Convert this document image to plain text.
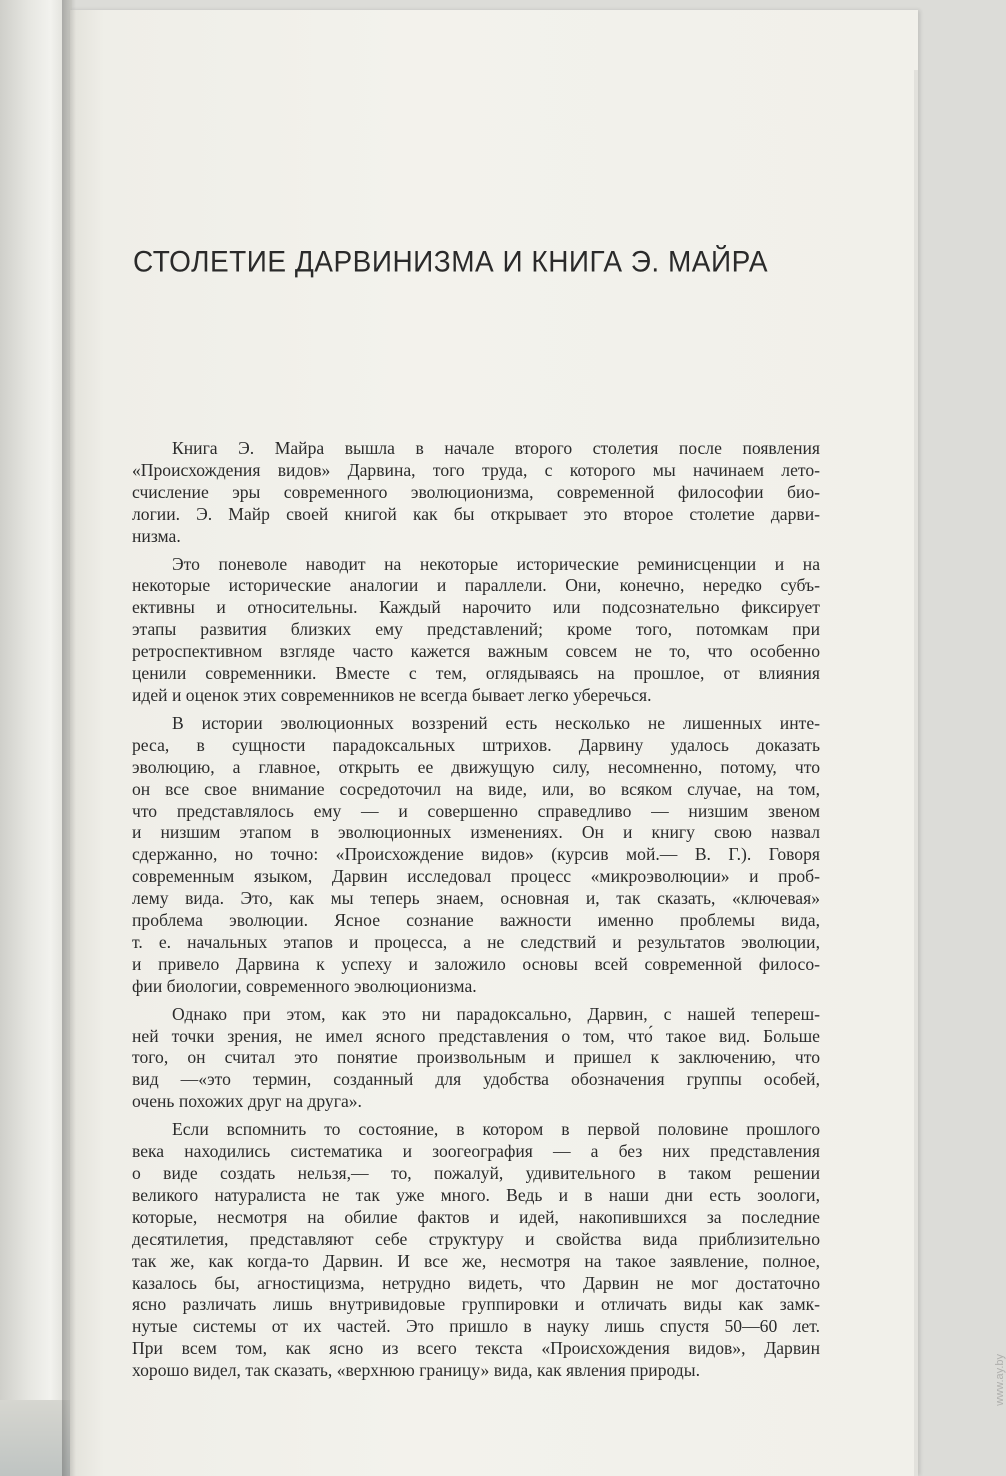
СТОЛЕТИЕ ДАРВИНИЗМА И КНИГА Э. МАЙРА
Книга Э. Майра вышла в начале второго столетия после появления
«Происхождения видов» Дарвина, того труда, с которого мы начинаем лето-
счисление эры современного эволюционизма, современной философии био-
логии. Э. Майр своей книгой как бы открывает это второе столетие дарви-
низма.
Это поневоле наводит на некоторые исторические реминисценции и на
некоторые исторические аналогии и параллели. Они, конечно, нередко субъ-
ективны и относительны. Каждый нарочито или подсознательно фиксирует
этапы развития близких ему представлений; кроме того, потомкам при
ретроспективном взгляде часто кажется важным совсем не то, что особенно
ценили современники. Вместе с тем, оглядываясь на прошлое, от влияния
идей и оценок этих современников не всегда бывает легко уберечься.
В истории эволюционных воззрений есть несколько не лишенных инте-
реса, в сущности парадоксальных штрихов. Дарвину удалось доказать
эволюцию, а главное, открыть ее движущую силу, несомненно, потому, что
он все свое внимание сосредоточил на виде, или, во всяком случае, на том,
что представлялось ему — и совершенно справедливо — низшим звеном
и низшим этапом в эволюционных изменениях. Он и книгу свою назвал
сдержанно, но точно: «Происхождение видов» (курсив мой.— В. Г.). Говоря
современным языком, Дарвин исследовал процесс «микроэволюции» и проб-
лему вида. Это, как мы теперь знаем, основная и, так сказать, «ключевая»
проблема эволюции. Ясное сознание важности именно проблемы вида,
т. е. начальных этапов и процесса, а не следствий и результатов эволюции,
и привело Дарвина к успеху и заложило основы всей современной филосо-
фии биологии, современного эволюционизма.
Однако при этом, как это ни парадоксально, Дарвин, с нашей тепереш-
ней точки зрения, не имел ясного представления о том, что́ такое вид. Больше
того, он считал это понятие произвольным и пришел к заключению, что
вид —«это термин, созданный для удобства обозначения группы особей,
очень похожих друг на друга».
Если вспомнить то состояние, в котором в первой половине прошлого
века находились систематика и зоогеография — а без них представления
о виде создать нельзя,— то, пожалуй, удивительного в таком решении
великого натуралиста не так уже много. Ведь и в наши дни есть зоологи,
которые, несмотря на обилие фактов и идей, накопившихся за последние
десятилетия, представляют себе структуру и свойства вида приблизительно
так же, как когда-то Дарвин. И все же, несмотря на такое заявление, полное,
казалось бы, агностицизма, нетрудно видеть, что Дарвин не мог достаточно
ясно различать лишь внутривидовые группировки и отличать виды как замк-
нутые системы от их частей. Это пришло в науку лишь спустя 50—60 лет.
При всем том, как ясно из всего текста «Происхождения видов», Дарвин
хорошо видел, так сказать, «верхнюю границу» вида, как явления природы.	www.ay.by
